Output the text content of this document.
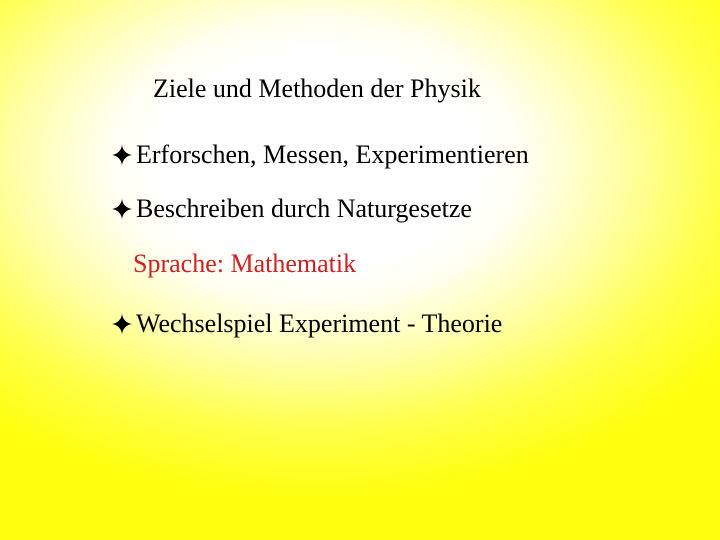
Ziele und Methoden der Physik
Erforschen, Messen, Experimentieren
Beschreiben durch Naturgesetze
Sprache: Mathematik
Wechselspiel Experiment - Theorie
